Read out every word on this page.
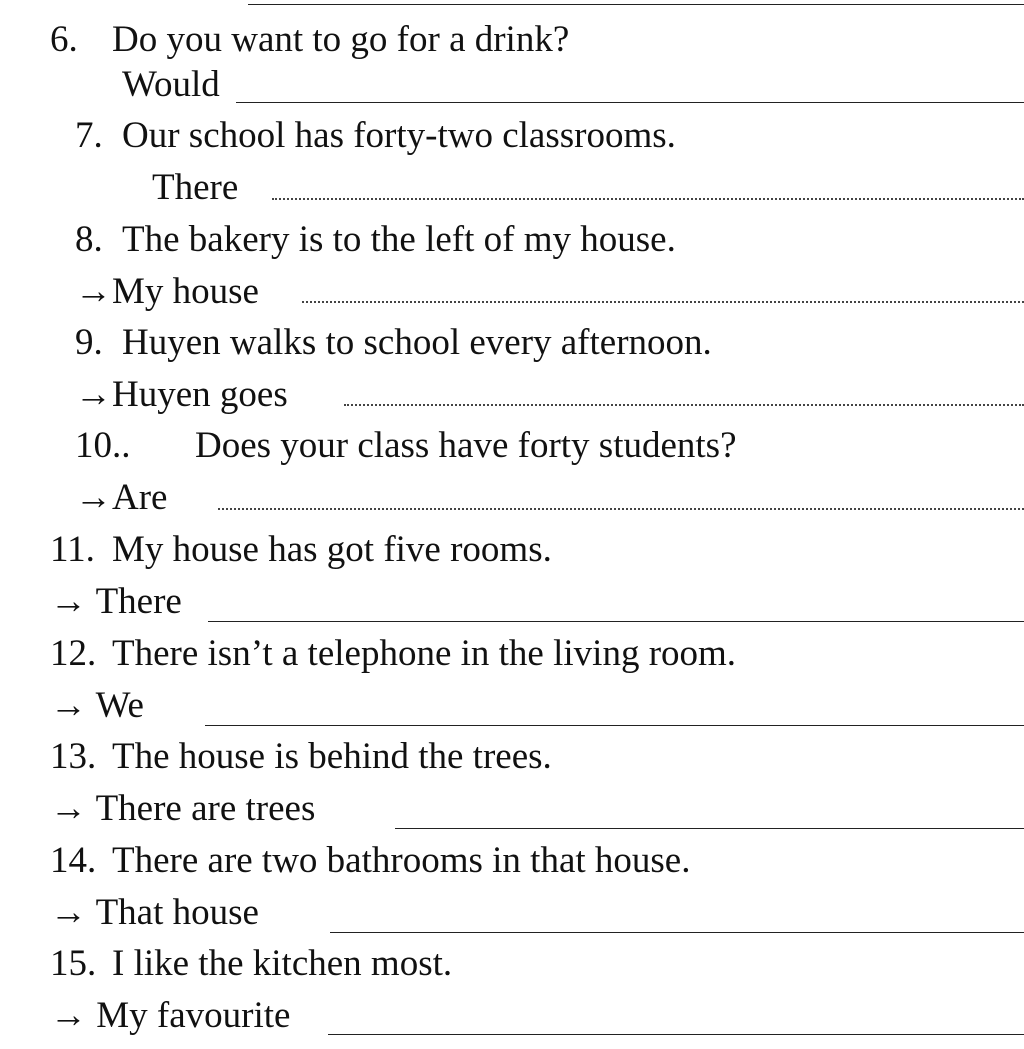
6. Do you want to go for a drink?
Would
7. Our school has forty-two classrooms.
There
8. The bakery is to the left of my house.
→My house
9. Huyen walks to school every afternoon.
→Huyen goes
10.. Does your class have forty students?
→Are
11. My house has got five rooms.
→ There
12. There isn’t a telephone in the living room.
→ We
13. The house is behind the trees.
→ There are trees
14. There are two bathrooms in that house.
→ That house
15. I like the kitchen most.
→ My favourite
